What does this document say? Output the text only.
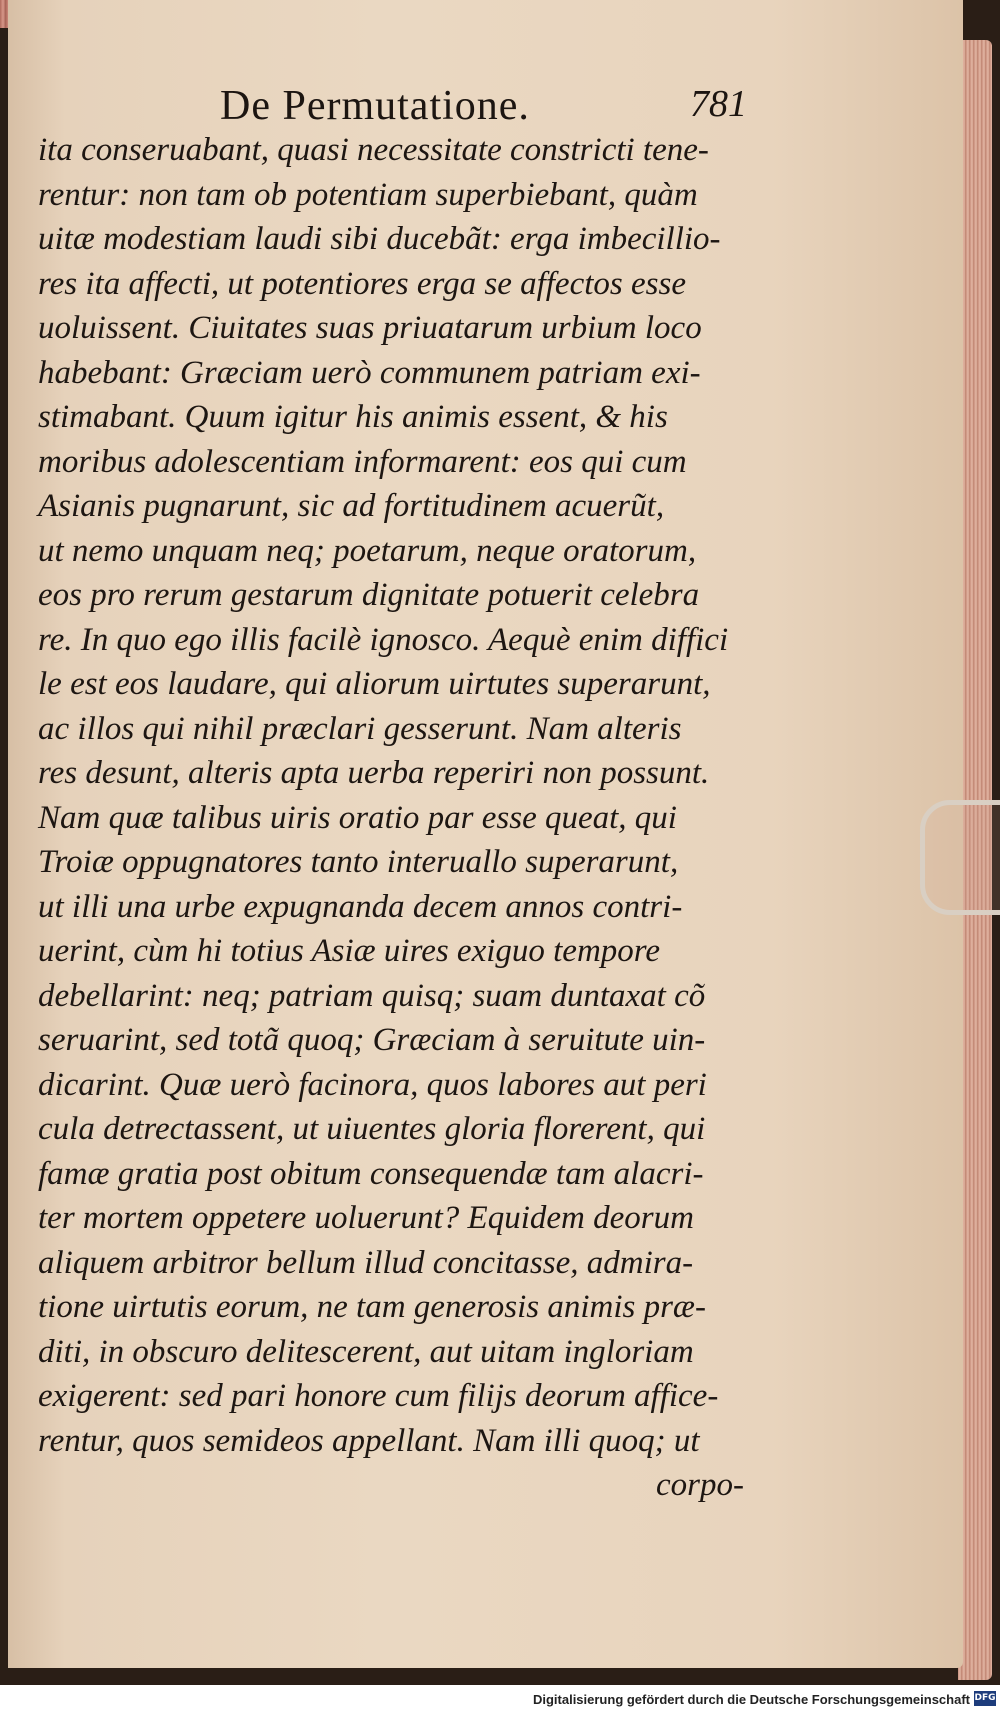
De Permutatione.	781
ita conseruabant, quasi necessitate constricti tene-
rentur: non tam ob potentiam superbiebant, quàm
uitæ modestiam laudi sibi ducebãt: erga imbecillio-
res ita affecti, ut potentiores erga se affectos esse
uoluissent. Ciuitates suas priuatarum urbium loco
habebant: Græciam uerò communem patriam exi-
stimabant. Quum igitur his animis essent, & his
moribus adolescentiam informarent: eos qui cum
Asianis pugnarunt, sic ad fortitudinem acuerũt,
ut nemo unquam neq; poetarum, neque oratorum,
eos pro rerum gestarum dignitate potuerit celebra
re. In quo ego illis facilè ignosco. Aequè enim diffici
le est eos laudare, qui aliorum uirtutes superarunt,
ac illos qui nihil præclari gesserunt. Nam alteris
res desunt, alteris apta uerba reperiri non possunt.
Nam quæ talibus uiris oratio par esse queat, qui
Troiæ oppugnatores tanto interuallo superarunt,
ut illi una urbe expugnanda decem annos contri-
uerint, cùm hi totius Asiæ uires exiguo tempore
debellarint: neq; patriam quisq; suam duntaxat cõ
seruarint, sed totã quoq; Græciam à seruitute uin-
dicarint. Quæ uerò facinora, quos labores aut peri
cula detrectassent, ut uiuentes gloria florerent, qui
famæ gratia post obitum consequendæ tam alacri-
ter mortem oppetere uoluerunt? Equidem deorum
aliquem arbitror bellum illud concitasse, admira-
tione uirtutis eorum, ne tam generosis animis præ-
diti, in obscuro delitescerent, aut uitam ingloriam
exigerent: sed pari honore cum filijs deorum affice-
rentur, quos semideos appellant. Nam illi quoq; ut
corpo-
Digitalisierung gefördert durch die Deutsche Forschungsgemeinschaft DFG
